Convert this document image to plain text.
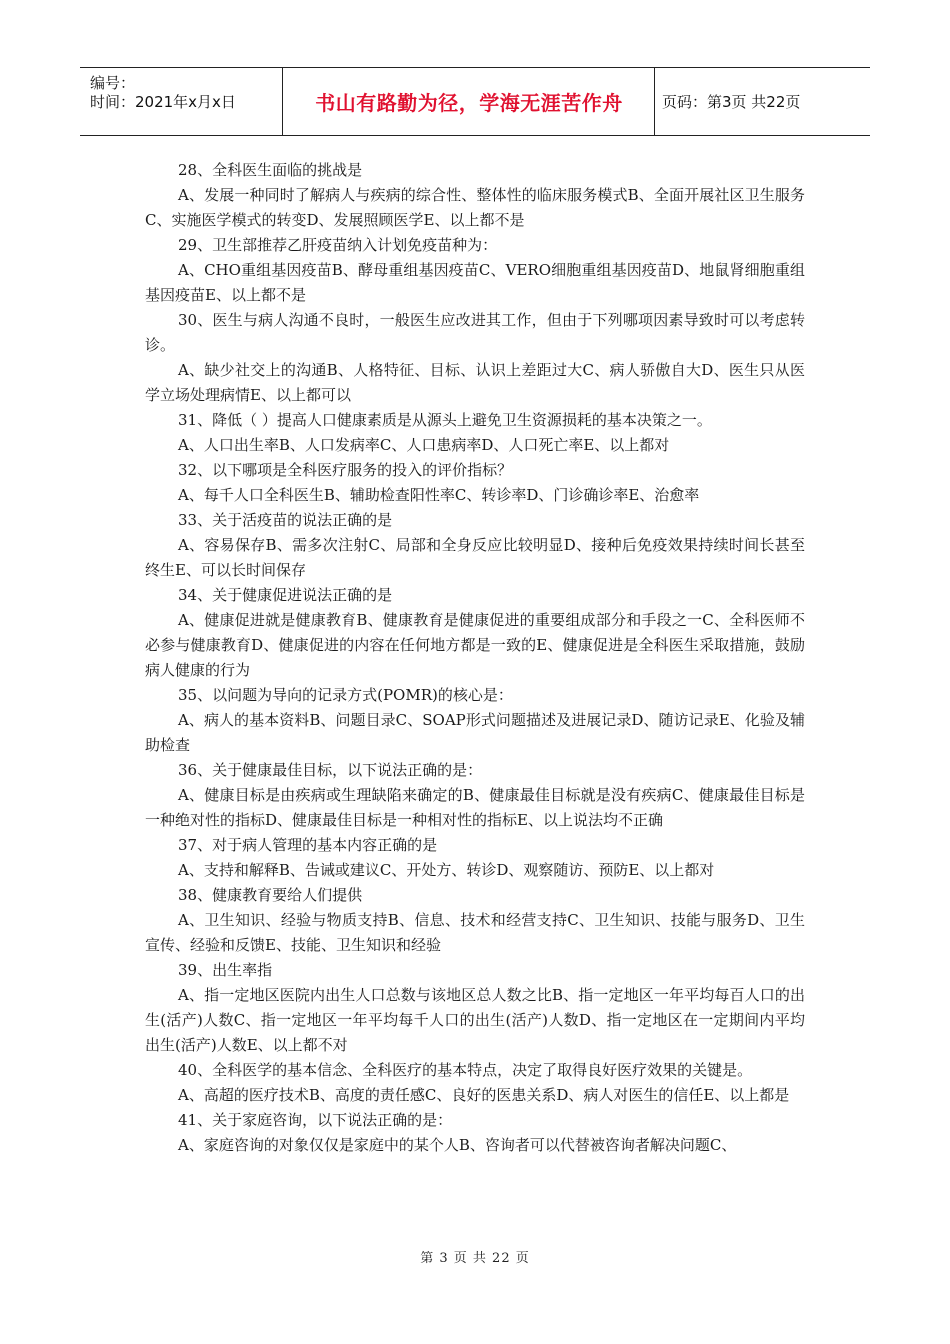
编号：
时间：2021年x月x日	书山有路勤为径，学海无涯苦作舟	页码：第3页 共22页

28、全科医生面临的挑战是

A、发展一种同时了解病人与疾病的综合性、整体性的临床服务模式B、全面开展社区卫生服务C、实施医学模式的转变D、发展照顾医学E、以上都不是

29、卫生部推荐乙肝疫苗纳入计划免疫苗种为：

A、CHO重组基因疫苗B、酵母重组基因疫苗C、VERO细胞重组基因疫苗D、地鼠肾细胞重组基因疫苗E、以上都不是

30、医生与病人沟通不良时，一般医生应改进其工作，但由于下列哪项因素导致时可以考虑转诊。

A、缺少社交上的沟通B、人格特征、目标、认识上差距过大C、病人骄傲自大D、医生只从医学立场处理病情E、以上都可以

31、降低（ ）提高人口健康素质是从源头上避免卫生资源损耗的基本决策之一。

A、人口出生率B、人口发病率C、人口患病率D、人口死亡率E、以上都对

32、以下哪项是全科医疗服务的投入的评价指标？

A、每千人口全科医生B、辅助检查阳性率C、转诊率D、门诊确诊率E、治愈率

33、关于活疫苗的说法正确的是

A、容易保存B、需多次注射C、局部和全身反应比较明显D、接种后免疫效果持续时间长甚至终生E、可以长时间保存

34、关于健康促进说法正确的是

A、健康促进就是健康教育B、健康教育是健康促进的重要组成部分和手段之一C、全科医师不必参与健康教育D、健康促进的内容在任何地方都是一致的E、健康促进是全科医生采取措施，鼓励病人健康的行为

35、以问题为导向的记录方式(POMR)的核心是：

A、病人的基本资料B、问题目录C、SOAP形式问题描述及进展记录D、随访记录E、化验及辅助检查

36、关于健康最佳目标，以下说法正确的是：

A、健康目标是由疾病或生理缺陷来确定的B、健康最佳目标就是没有疾病C、健康最佳目标是一种绝对性的指标D、健康最佳目标是一种相对性的指标E、以上说法均不正确

37、对于病人管理的基本内容正确的是

A、支持和解释B、告诫或建议C、开处方、转诊D、观察随访、预防E、以上都对

38、健康教育要给人们提供

A、卫生知识、经验与物质支持B、信息、技术和经营支持C、卫生知识、技能与服务D、卫生宣传、经验和反馈E、技能、卫生知识和经验

39、出生率指

A、指一定地区医院内出生人口总数与该地区总人数之比B、指一定地区一年平均每百人口的出生(活产)人数C、指一定地区一年平均每千人口的出生(活产)人数D、指一定地区在一定期间内平均出生(活产)人数E、以上都不对

40、全科医学的基本信念、全科医疗的基本特点，决定了取得良好医疗效果的关键是。

A、高超的医疗技术B、高度的责任感C、良好的医患关系D、病人对医生的信任E、以上都是

41、关于家庭咨询，以下说法正确的是：

A、家庭咨询的对象仅仅是家庭中的某个人B、咨询者可以代替被咨询者解决问题C、

第 3 页 共 22 页
